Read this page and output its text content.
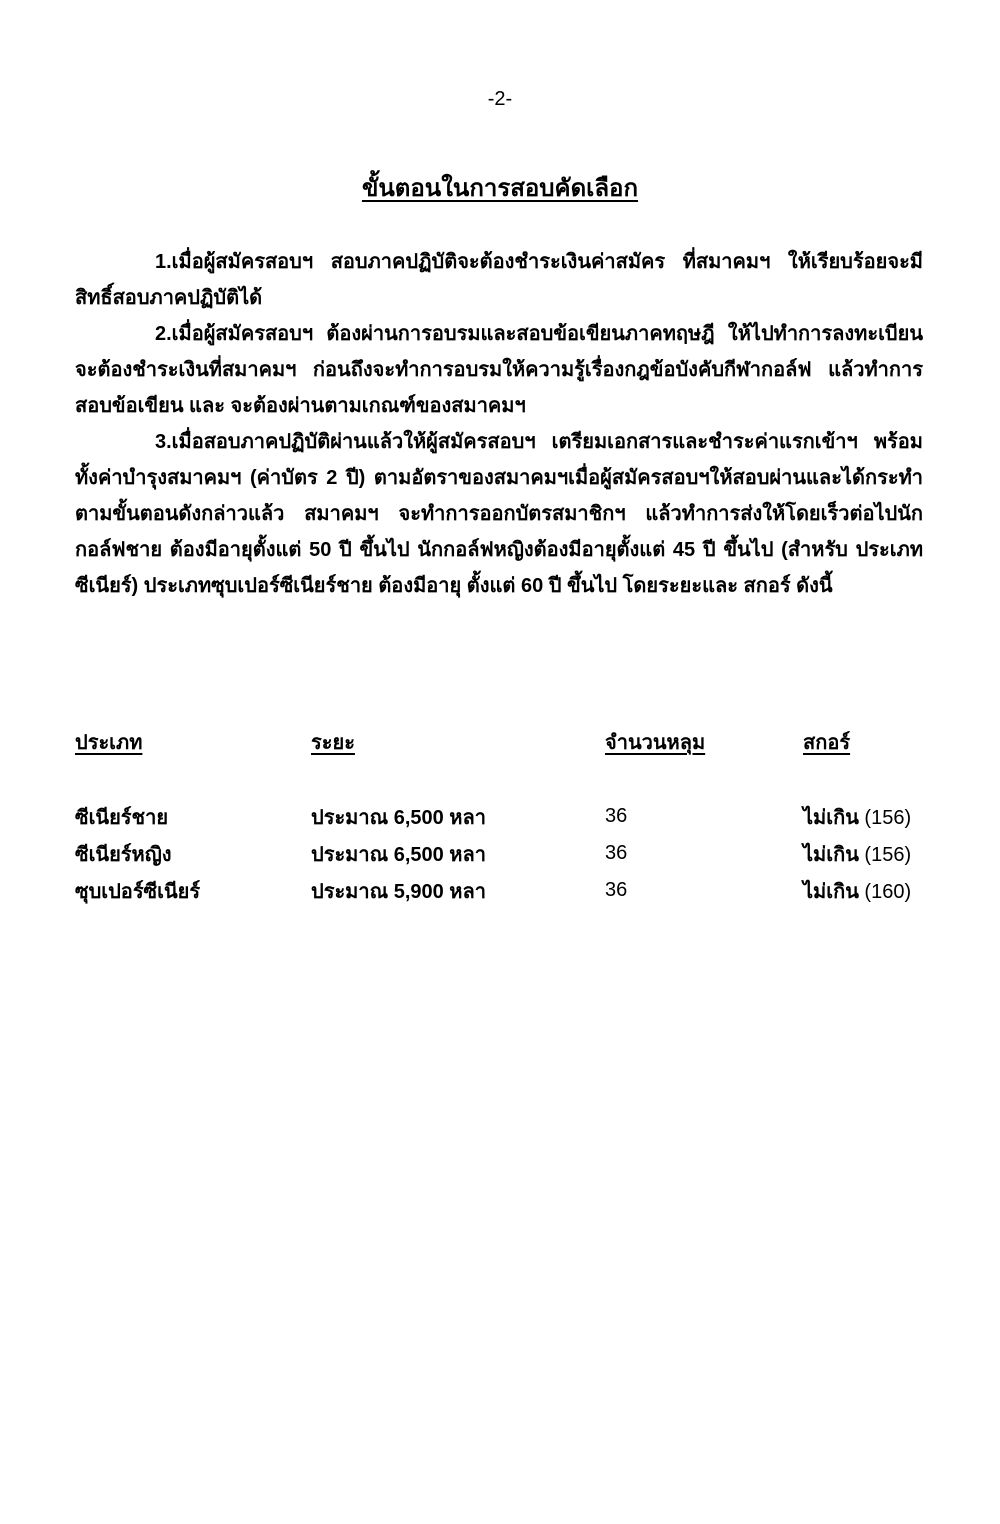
-2-
ขั้นตอนในการสอบคัดเลือก

1.เมื่อผู้สมัครสอบฯ สอบภาคปฏิบัติจะต้องชำระเงินค่าสมัคร ที่สมาคมฯ ให้เรียบร้อยจะมีสิทธิ์สอบภาคปฏิบัติได้

2.เมื่อผู้สมัครสอบฯ ต้องผ่านการอบรมและสอบข้อเขียนภาคทฤษฎี ให้ไปทำการลงทะเบียน จะต้องชำระเงินที่สมาคมฯ ก่อนถึงจะทำการอบรมให้ความรู้เรื่องกฎข้อบังคับกีฬากอล์ฟ แล้วทำการสอบข้อเขียน และ จะต้องผ่านตามเกณฑ์ของสมาคมฯ

3.เมื่อสอบภาคปฏิบัติผ่านแล้วให้ผู้สมัครสอบฯ เตรียมเอกสารและชำระค่าแรกเข้าฯ พร้อมทั้งค่าบำรุงสมาคมฯ (ค่าบัตร 2 ปี) ตามอัตราของสมาคมฯเมื่อผู้สมัครสอบฯให้สอบผ่านและได้กระทำตามขั้นตอนดังกล่าวแล้ว สมาคมฯ จะทำการออกบัตรสมาชิกฯ แล้วทำการส่งให้โดยเร็วต่อไปนักกอล์ฟชาย ต้องมีอายุตั้งแต่ 50 ปี ขึ้นไป นักกอล์ฟหญิงต้องมีอายุตั้งแต่ 45 ปี ขึ้นไป (สำหรับ ประเภท ซีเนียร์) ประเภทซุบเปอร์ซีเนียร์ชาย ต้องมีอายุ ตั้งแต่ 60 ปี ขึ้นไป โดยระยะและ สกอร์ ดังนี้

ประเภท	ระยะ	จำนวนหลุม	สกอร์

ซีเนียร์ชาย	ประมาณ 6,500 หลา	36	ไม่เกิน (156)
ซีเนียร์หญิง	ประมาณ 6,500 หลา	36	ไม่เกิน (156)
ซุบเปอร์ซีเนียร์	ประมาณ 5,900 หลา	36	ไม่เกิน (160)
